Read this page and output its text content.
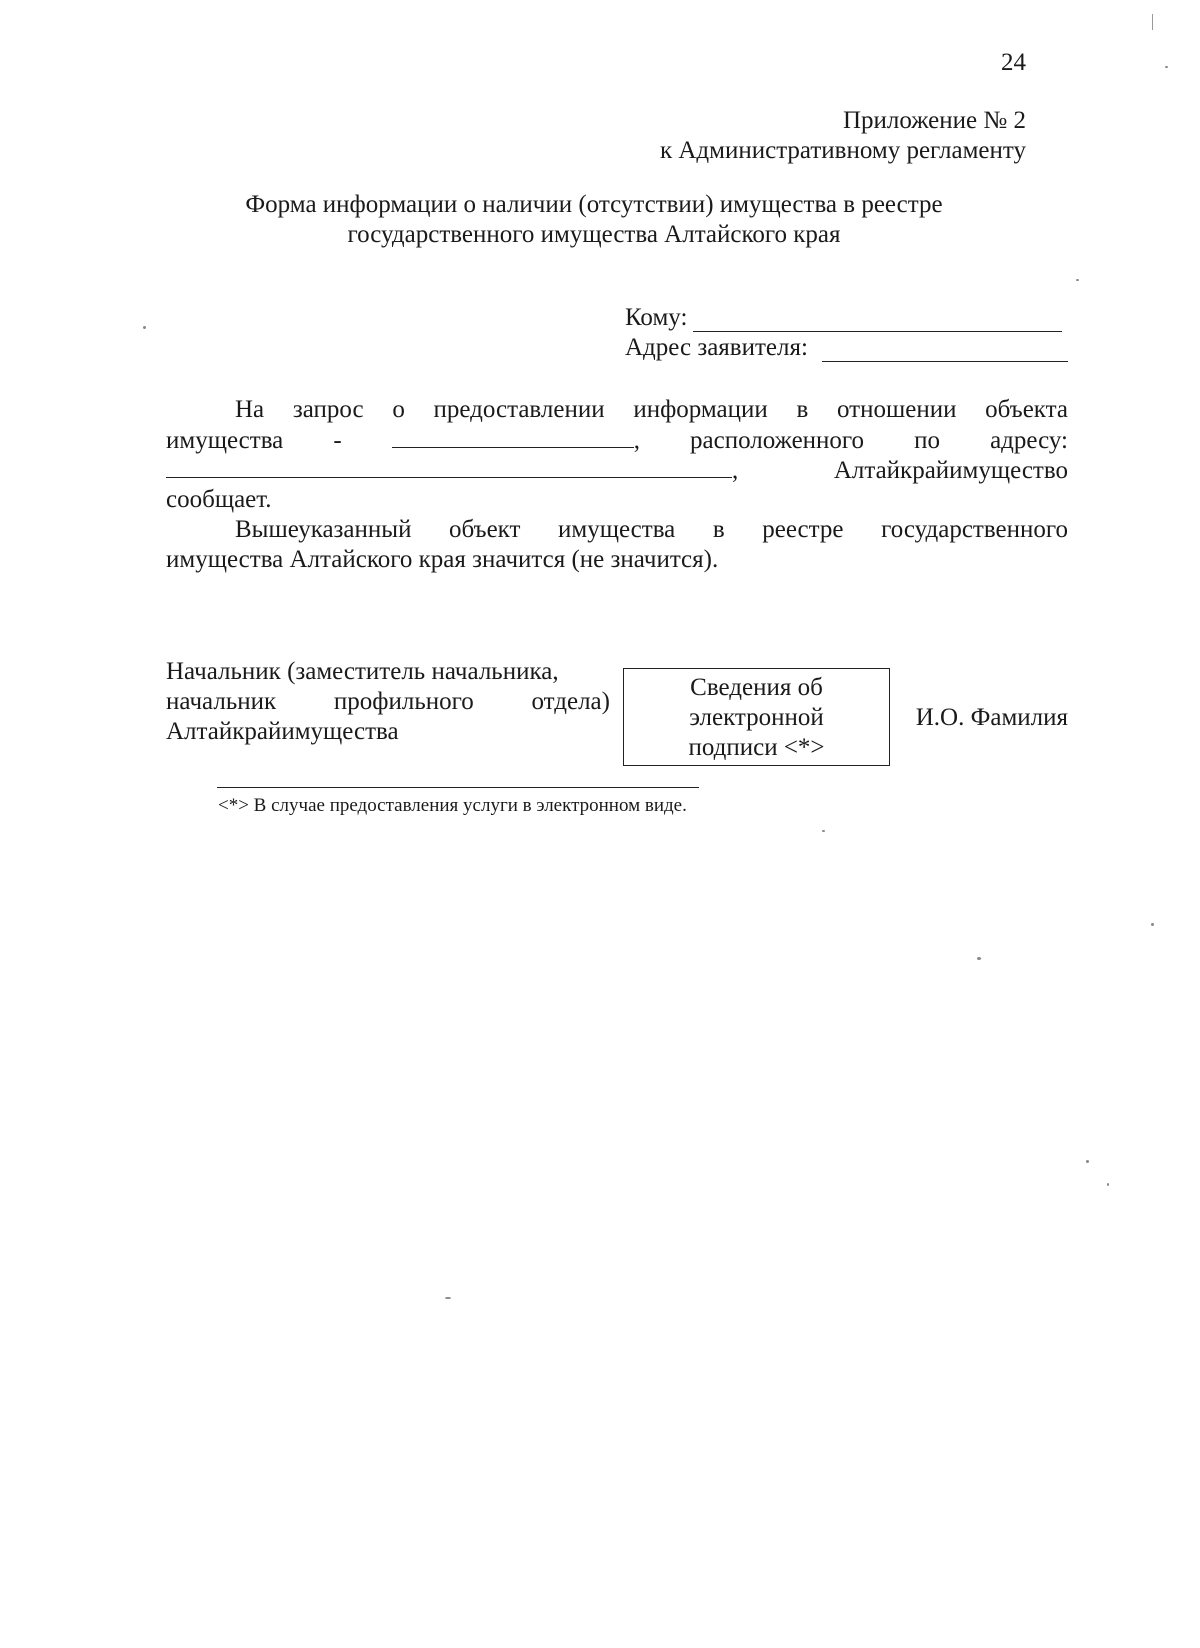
24
Приложение № 2
к Административному регламенту
Форма информации о наличии (отсутствии) имущества в реестре
государственного имущества Алтайского края
Кому:
Адрес заявителя:
На запрос о предоставлении информации в отношении объекта
имущества -	, расположенного по адресу:
,	Алтайкрайимущество
сообщает.
Вышеуказанный объект имущества в реестре государственного
имущества Алтайского края значится (не значится).
Начальник (заместитель начальника,
начальник профильного отдела)
Алтайкрайимущества
Сведения об
электронной
подписи <*>
И.О. Фамилия
<*> В случае предоставления услуги в электронном виде.
